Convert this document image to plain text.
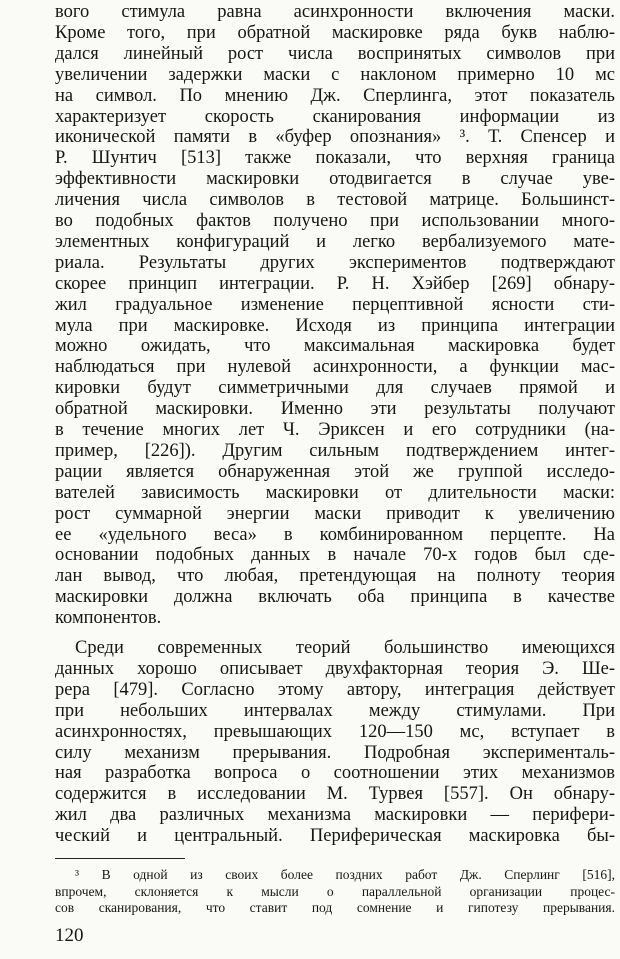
вого стимула равна асинхронности включения маски.
Кроме того, при обратной маскировке ряда букв наблю-
дался линейный рост числа воспринятых символов при
увеличении задержки маски с наклоном примерно 10 мс
на символ. По мнению Дж. Сперлинга, этот показатель
характеризует скорость сканирования информации из
иконической памяти в «буфер опознания» ³. Т. Спенсер и
Р. Шунтич [513] также показали, что верхняя граница
эффективности маскировки отодвигается в случае уве-
личения числа символов в тестовой матрице. Большинст-
во подобных фактов получено при использовании много-
элементных конфигураций и легко вербализуемого мате-
риала. Результаты других экспериментов подтверждают
скорее принцип интеграции. Р. Н. Хэйбер [269] обнару-
жил градуальное изменение перцептивной ясности сти-
мула при маскировке. Исходя из принципа интеграции
можно ожидать, что максимальная маскировка будет
наблюдаться при нулевой асинхронности, а функции мас-
кировки будут симметричными для случаев прямой и
обратной маскировки. Именно эти результаты получают
в течение многих лет Ч. Эриксен и его сотрудники (на-
пример, [226]). Другим сильным подтверждением интег-
рации является обнаруженная этой же группой исследо-
вателей зависимость маскировки от длительности маски:
рост суммарной энергии маски приводит к увеличению
ее «удельного веса» в комбинированном перцепте. На
основании подобных данных в начале 70-х годов был сде-
лан вывод, что любая, претендующая на полноту теория
маскировки должна включать оба принципа в качестве
компонентов.
Среди современных теорий большинство имеющихся
данных хорошо описывает двухфакторная теория Э. Ше-
рера [479]. Согласно этому автору, интеграция действует
при небольших интервалах между стимулами. При
асинхронностях, превышающих 120—150 мс, вступает в
силу механизм прерывания. Подробная эксперименталь-
ная разработка вопроса о соотношении этих механизмов
содержится в исследовании М. Турвея [557]. Он обнару-
жил два различных механизма маскировки — перифери-
ческий и центральный. Периферическая маскировка бы-
³ В одной из своих более поздних работ Дж. Сперлинг [516],
впрочем, склоняется к мысли о параллельной организации процес-
сов сканирования, что ставит под сомнение и гипотезу прерывания.
120
